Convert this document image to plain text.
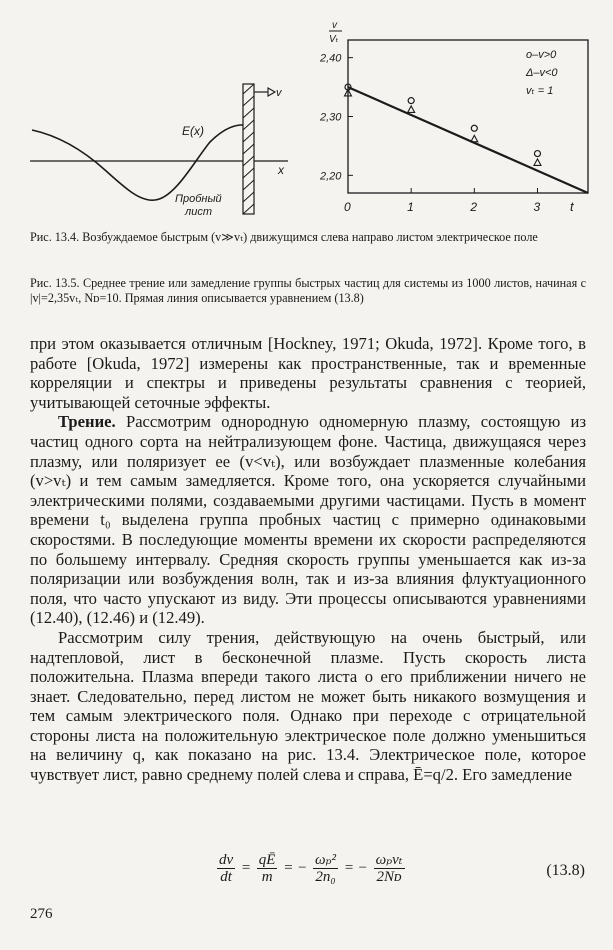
E(x)
x
v
Пробный
лист	0	1	2	3 t
2,40
2,30
2,20
v
Vₜ
o–v>0
Δ–v<0
vₜ = 1
Рис. 13.4. Возбуждаемое быстрым (v≫vₜ) движущимся слева направо листом электрическое поле
Рис. 13.5. Среднее трение или замедление группы быстрых частиц для системы из 1000 листов, начиная с |v|=2,35vₜ, Nᴅ=10. Прямая линия описывается уравнением (13.8)

при этом оказывается отличным [Hockney, 1971; Okuda, 1972]. Кроме того, в работе [Okuda, 1972] измерены как пространственные, так и временные корреляции и спектры и приведены результаты сравнения с теорией, учитывающей сеточные эффекты.

Трение. Рассмотрим однородную одномерную плазму, состоящую из частиц одного сорта на нейтрализующем фоне. Частица, движущаяся через плазму, или поляризует ее (v<vₜ), или возбуждает плазменные колебания (v>vₜ) и тем самым замедляется. Кроме того, она ускоряется случайными электрическими полями, создаваемыми другими частицами. Пусть в момент времени t₀ выделена группа пробных частиц с примерно одинаковыми скоростями. В последующие моменты времени их скорости распределяются по большему интервалу. Средняя скорость группы уменьшается как из-за поляризации или возбуждения волн, так и из-за влияния флуктуационного поля, что часто упускают из виду. Эти процессы описываются уравнениями (12.40), (12.46) и (12.49).

Рассмотрим силу трения, действующую на очень быстрый, или надтепловой, лист в бесконечной плазме. Пусть скорость листа положительна. Плазма впереди такого листа о его приближении ничего не знает. Следовательно, перед листом не может быть никакого возмущения и тем самым электрического поля. Однако при переходе с отрицательной стороны листа на положительную электрическое поле должно уменьшиться на величину q, как показано на рис. 13.4. Электрическое поле, которое чувствует лист, равно среднему полей слева и справа, Ē=q/2. Его замедление

$\frac{dv}{dt} = \frac{qĒ}{m}$ = − $\frac{\text{ωₚ²}}{\text{2n₀}}$ = − $\frac{\text{ωₚvₜ}}{\text{2Nᴅ}}$	(13.8)
276
